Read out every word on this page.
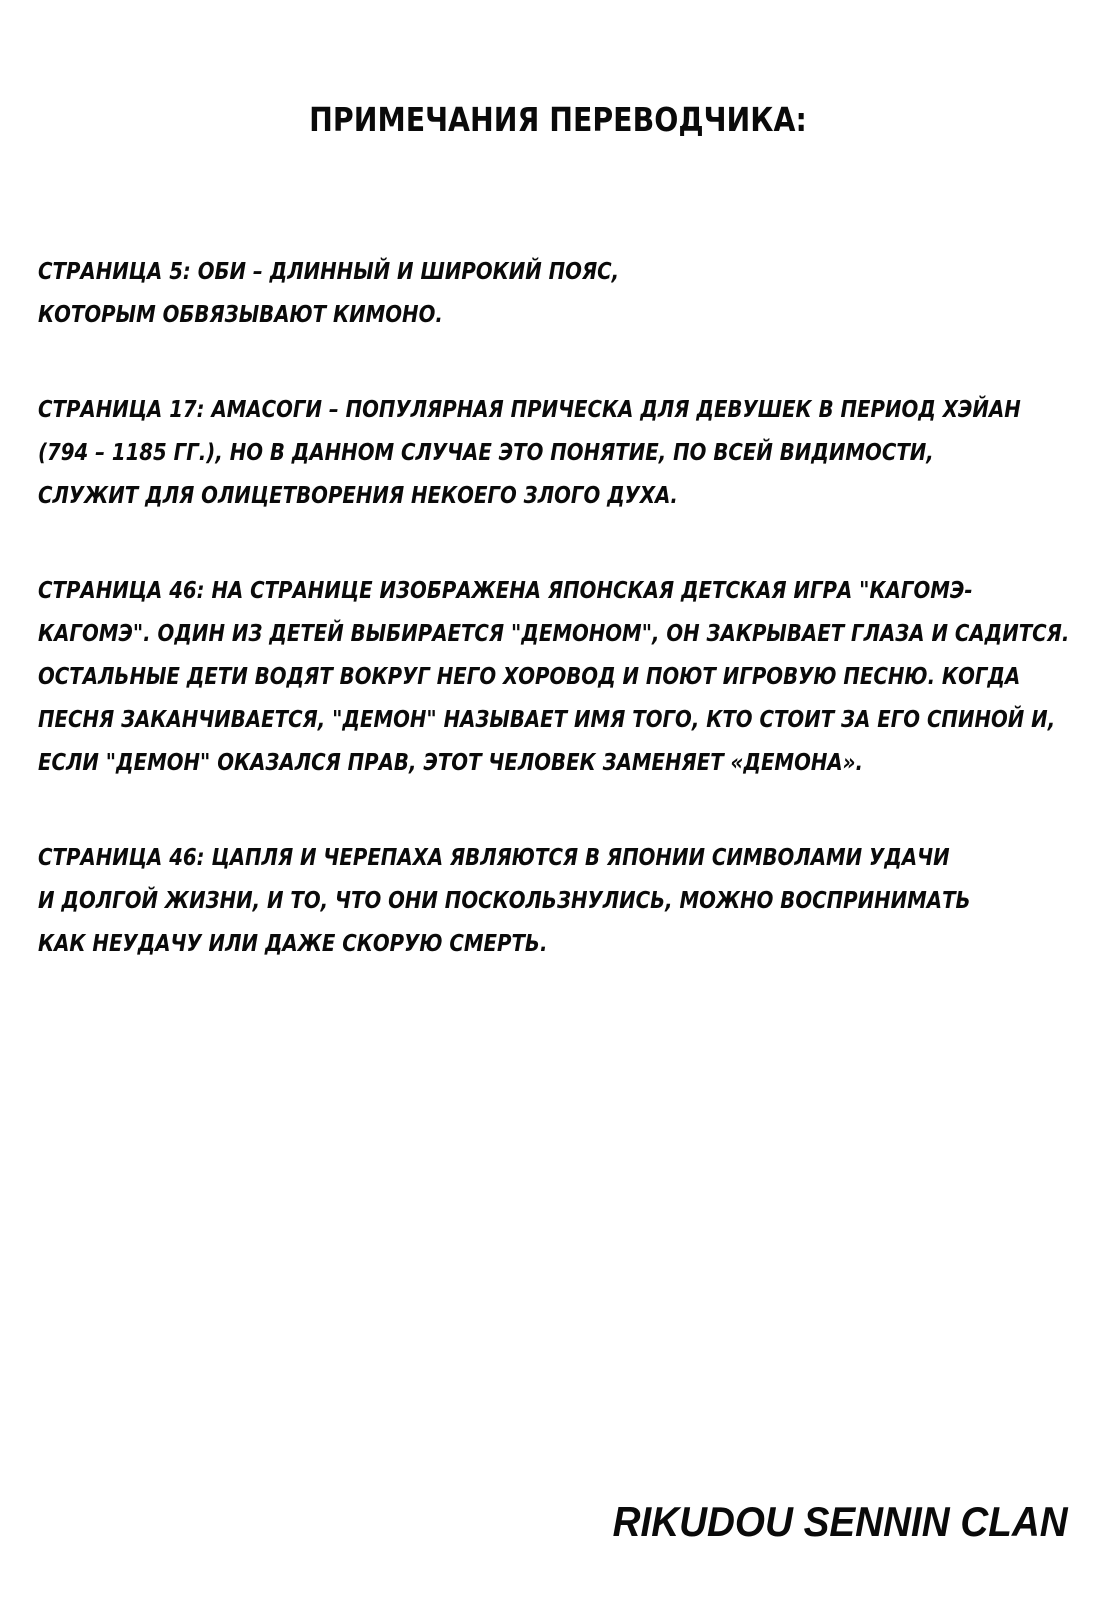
ПРИМЕЧАНИЯ ПЕРЕВОДЧИКА:
СТРАНИЦА 5: ОБИ – ДЛИННЫЙ И ШИРОКИЙ ПОЯС,
КОТОРЫМ ОБВЯЗЫВАЮТ КИМОНО.
СТРАНИЦА 17: АМАСОГИ – ПОПУЛЯРНАЯ ПРИЧЕСКА ДЛЯ ДЕВУШЕК В ПЕРИОД ХЭЙАН
(794 – 1185 ГГ.), НО В ДАННОМ СЛУЧАЕ ЭТО ПОНЯТИЕ, ПО ВСЕЙ ВИДИМОСТИ,
СЛУЖИТ ДЛЯ ОЛИЦЕТВОРЕНИЯ НЕКОЕГО ЗЛОГО ДУХА.
СТРАНИЦА 46: НА СТРАНИЦЕ ИЗОБРАЖЕНА ЯПОНСКАЯ ДЕТСКАЯ ИГРА "КАГОМЭ-
КАГОМЭ". ОДИН ИЗ ДЕТЕЙ ВЫБИРАЕТСЯ "ДЕМОНОМ", ОН ЗАКРЫВАЕТ ГЛАЗА И САДИТСЯ.
ОСТАЛЬНЫЕ ДЕТИ ВОДЯТ ВОКРУГ НЕГО ХОРОВОД И ПОЮТ ИГРОВУЮ ПЕСНЮ. КОГДА
ПЕСНЯ ЗАКАНЧИВАЕТСЯ, "ДЕМОН" НАЗЫВАЕТ ИМЯ ТОГО, КТО СТОИТ ЗА ЕГО СПИНОЙ И,
ЕСЛИ "ДЕМОН" ОКАЗАЛСЯ ПРАВ, ЭТОТ ЧЕЛОВЕК ЗАМЕНЯЕТ «ДЕМОНА».
СТРАНИЦА 46: ЦАПЛЯ И ЧЕРЕПАХА ЯВЛЯЮТСЯ В ЯПОНИИ СИМВОЛАМИ УДАЧИ
И ДОЛГОЙ ЖИЗНИ, И ТО, ЧТО ОНИ ПОСКОЛЬЗНУЛИСЬ, МОЖНО ВОСПРИНИМАТЬ
КАК НЕУДАЧУ ИЛИ ДАЖЕ СКОРУЮ СМЕРТЬ.
RIKUDOU SENNIN CLAN
